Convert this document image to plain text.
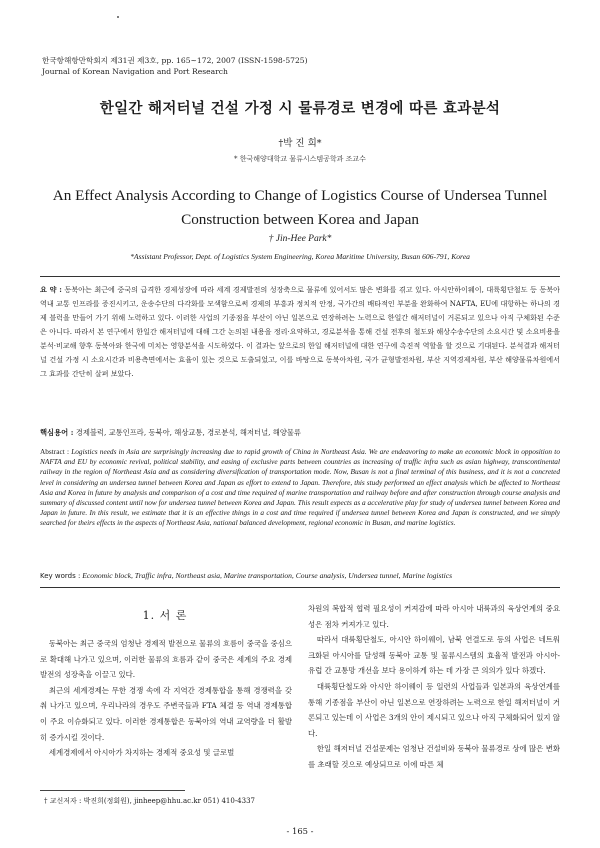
한국항해항만학회지 제31권 제3호, pp. 165~172, 2007 (ISSN-1598-5725)
Journal of Korean Navigation and Port Research
한일간 해저터널 건설 가정 시 물류경로 변경에 따른 효과분석
†박 진 희*
* 한국해양대학교 물류시스템공학과 조교수
An Effect Analysis According to Change of Logistics Course of Undersea Tunnel Construction between Korea and Japan
† Jin-Hee Park*
*Assistant Professor, Dept. of Logistics System Engineering, Korea Maritime University, Busan 606-791, Korea
요 약 : 동북아는 최근에 중국의 급격한 경제성장에 따라 세계 경제발전의 성장축으로 물류에 있어서도 많은 변화를 겪고 있다. 아시안하이웨이, 대륙횡단철도 등 동북아 역내 교통 인프라를 증진시키고, 운송수단의 다각화를 모색함으로써 경제의 부흥과 정치적 안정, 국가간의 배타적인 부분을 완화하여 NAFTA, EU에 대항하는 하나의 경제 블럭을 만들어 가기 위해 노력하고 있다. 이러한 사업의 기종점을 부산이 아닌 일본으로 연장하려는 노력으로 한일간 해저터널이 거론되고 있으나 아직 구체화된 수준은 아니다. 따라서 본 연구에서 한일간 해저터널에 대해 그간 논의된 내용을 정리·요약하고, 경로분석을 통해 건설 전후의 철도와 해상수송수단의 소요시간 및 소요비용을 분석·비교해 향후 동북아와 한국에 미치는 영향분석을 시도하였다. 이 결과는 앞으로의 한일 해저터널에 대한 연구에 촉진적 역할을 할 것으로 기대된다. 분석결과 해저터널 건설 가정 시 소요시간과 비용측면에서는 효율이 있는 것으로 도출되었고, 이를 바탕으로 동북아차원, 국가 균형발전차원, 부산 지역경제차원, 부산 해양물류차원에서 그 효과를 간단히 살펴 보았다.
핵심용어 : 경제블럭, 교통인프라, 동북아, 해상교통, 경로분석, 해저터널, 해양물류
Abstract : Logistics needs in Asia are surprisingly increasing due to rapid growth of China in Northeast Asia. We are endeavoring to make an economic block in opposition to NAFTA and EU by economic revival, political stability, and easing of exclusive parts between countries as increasing of traffic infra such as asian highway, transcontinental railway in the region of Northeast Asia and as considering diversification of transportation mode. Now, Busan is not a final terminal of this business, and it is not a concreted level in considering an undersea tunnel between Korea and Japan as effort to extend to Japan. Therefore, this study performed an effect analysis which be affected to Northeast Asia and Korea in future by analysis and comparison of a cost and time required of marine transportation and railway before and after construction through course analysis and summary of discussed content until now for undersea tunnel between Korea and Japan. This result expects as a accelerative play for study of undersea tunnel between Korea and Japan in future. In this result, we estimate that it is an effective things in a cost and time required if undersea tunnel between Korea and Japan is constructed, and we simply searched for theirs effects in the aspects of Northeast Asia, national balanced development, regional economic in Busan, and marine logistics.
Key words : Economic block, Traffic infra, Northeast asia, Marine transportation, Course analysis, Undersea tunnel, Marine logistics
1. 서 론

동북아는 최근 중국의 엄청난 경제적 발전으로 물류의 흐름이 중국을 중심으로 확대해 나가고 있으며, 이러한 물류의 흐름과 같이 중국은 세계의 주요 경제발전의 성장축을 이끌고 있다.

최근의 세계경제는 무한 경쟁 속에 각 지역간 경제통합을 통해 경쟁력을 갖춰 나가고 있으며, 우리나라의 경우도 주변국들과 FTA 체결 등 역내 경제통합이 주요 이슈화되고 있다. 이러한 경제통합은 동북아의 역내 교역량을 더 활발히 증가시킬 것이다.

세계경제에서 아시아가 차지하는 경제적 중요성 및 글로벌

차원의 복합적 협력 필요성이 커져감에 따라 아시아 내륙과의 육상연계의 중요성은 점차 커져가고 있다.

따라서 대륙횡단철도, 아시안 하이웨이, 남북 연결도로 등의 사업은 네트워크화된 아시아를 달성해 동북아 교통 및 물류시스템의 효율적 발전과 아시아-유럽 간 교통망 개선을 보다 용이하게 하는 데 가장 큰 의의가 있다 하겠다.

대륙횡단철도와 아시안 하이웨이 등 일련의 사업들과 일본과의 육상연계를 통해 기종점을 부산이 아닌 일본으로 연장하려는 노력으로 한일 해저터널이 거론되고 있는데 이 사업은 3개의 안이 제시되고 있으나 아직 구체화되어 있지 않다.

한일 해저터널 건설문제는 엄청난 건설비와 동북아 물류경로 상에 많은 변화를 초래할 것으로 예상되므로 이에 따른 체

† 교신저자 : 박진희(정회원), jinheep@hhu.ac.kr 051) 410-4337
- 165 -
